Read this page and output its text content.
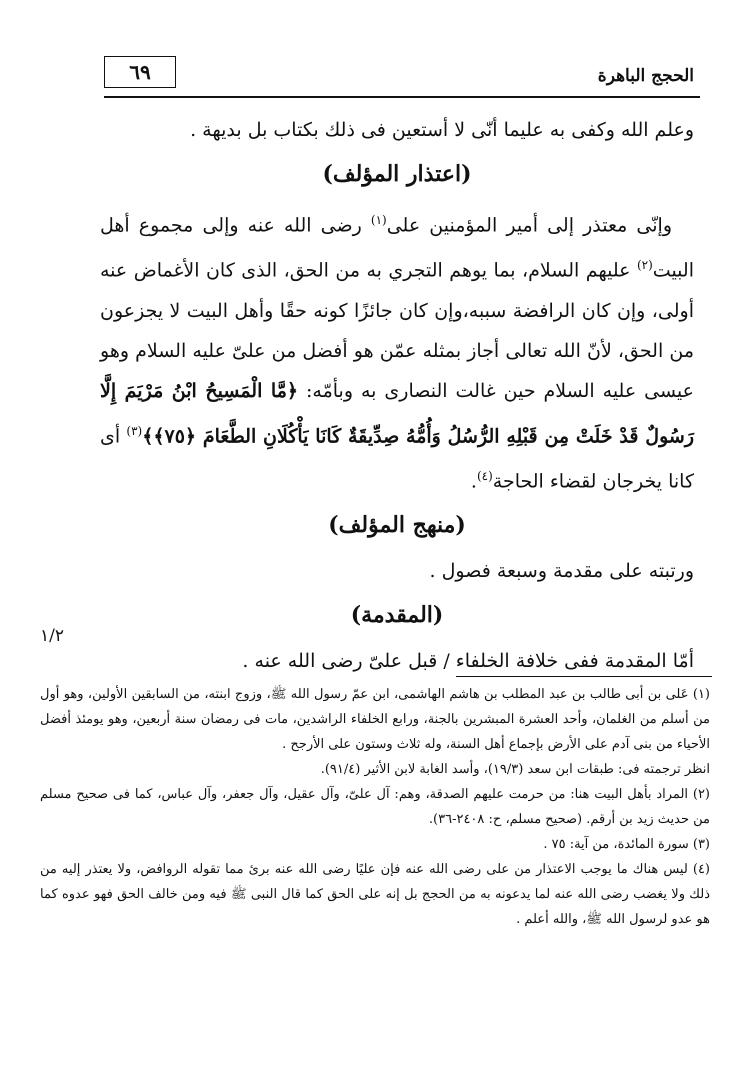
٦٩	الحجج الباهرة

وعلم الله وكفى به عليما أنّى لا أستعين فى ذلك بكتاب بل بديهة .

(اعتذار المؤلف)

وإنّى معتذر إلى أمير المؤمنين على$^{(١)}$ رضى الله عنه وإلى مجموع أهل البيت$^{(٢)}$ عليهم السلام، بما يوهم التجري به من الحق، الذى كان الأغماض عنه أولى، وإن كان الرافضة سببه،وإن كان جائزًا كونه حقًا وأهل البيت لا يجزعون من الحق، لأنّ الله تعالى أجاز بمثله عمّن هو أفضل من علىّ عليه السلام وهو عيسى عليه السلام حين غالت النصارى به وبأمّه: ﴿مَّا الْمَسِيحُ ابْنُ مَرْيَمَ إِلَّا رَسُولٌ قَدْ خَلَتْ مِن قَبْلِهِ الرُّسُلُ وَأُمُّهُ صِدِّيقَةٌ كَانَا يَأْكُلَانِ الطَّعَامَ ﴿٧٥﴾﴾$^{(٣)}$ أى كانا يخرجان لقضاء الحاجة$^{(٤)}$.

(منهج المؤلف)

ورتبته على مقدمة وسبعة فصول .

(المقدمة)

أمّا المقدمة ففى خلافة الخلفاء / قبل علىّ رضى الله عنه .

١/٢

(١) عَلى بن أبى طالب بن عبد المطلب بن هاشم الهاشمى، ابن عمّ رسول الله ﷺ، وزوج ابنته، من السابقين الأولين، وهو أول من أسلم من الغلمان، وأحد العشرة المبشرين بالجنة، ورابع الخلفاء الراشدين، مات فى رمضان سنة أربعين، وهو يومئذ أفضل الأحياء من بنى آدم على الأرض بإجماع أهل السنة، وله ثلاث وستون على الأرجح .

انظر ترجمته فى: طبقات ابن سعد (١٩/٣)، وأسد الغابة لابن الأثير (٩١/٤).

(٢) المراد بأهل البيت هنا: من حرمت عليهم الصدقة، وهم: آل علىّ، وآل عقيل، وآل جعفر، وآل عباس، كما فى صحيح مسلم من حديث زيد بن أرقم. (صحيح مسلم، ح: ٢٤٠٨-٣٦).

(٣) سورة المائدة، من آية: ٧٥ .

(٤) ليس هناك ما يوجب الاعتذار من على رضى الله عنه فإن عليًا رضى الله عنه برئ مما تقوله الروافض، ولا يعتذر إليه من ذلك ولا يغضب رضى الله عنه لما يدعونه به من الحجج بل إنه على الحق كما قال النبى ﷺ فيه ومن خالف الحق فهو عدوه كما هو عدو لرسول الله ﷺ، والله أعلم .
